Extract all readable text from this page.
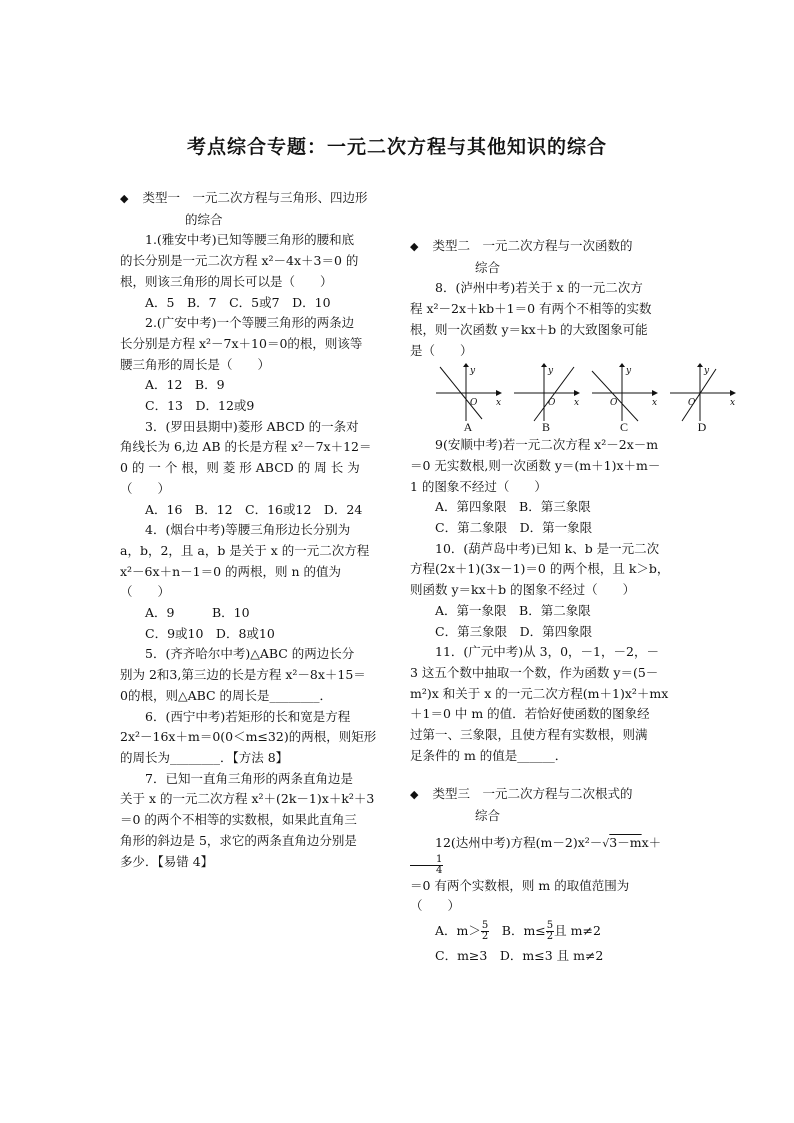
考点综合专题：一元二次方程与其他知识的综合

◆ 类型一　一元二次方程与三角形、四边形

的综合

1.(雅安中考)已知等腰三角形的腰和底

的长分别是一元二次方程 x²－4x＋3＝0 的

根，则该三角形的周长可以是（　　）

A．5　B．7　C．5或7　D．10

2.(广安中考)一个等腰三角形的两条边

长分别是方程 x²－7x＋10＝0的根，则该等

腰三角形的周长是（　　）

A．12　B．9

C．13　D．12或9

3．(罗田县期中)菱形 ABCD 的一条对

角线长为 6,边 AB 的长是方程 x²－7x＋12＝

0 的 一 个 根，则 菱 形 ABCD 的 周 长 为

（　　）

A．16　B．12　C．16或12　D．24

4．(烟台中考)等腰三角形边长分别为

a，b，2，且 a，b 是关于 x 的一元二次方程

x²－6x＋n－1＝0 的两根，则 n 的值为

（　　）

A．9　　　B．10

C．9或10　D．8或10

5．(齐齐哈尔中考)△ABC 的两边长分

别为 2和3,第三边的长是方程 x²－8x＋15＝

0的根，则△ABC 的周长是________．

6．(西宁中考)若矩形的长和宽是方程

2x²－16x＋m＝0(0＜m≤32)的两根，则矩形

的周长为________．【方法 8】

7．已知一直角三角形的两条直角边是

关于 x 的一元二次方程 x²＋(2k－1)x＋k²＋3

＝0 的两个不相等的实数根，如果此直角三

角形的斜边是 5，求它的两条直角边分别是

多少．【易错 4】

◆ 类型二　一元二次方程与一次函数的

综合

8．(泸州中考)若关于 x 的一元二次方

程 x²－2x＋kb＋1＝0 有两个不相等的实数

根，则一次函数 y＝kx＋b 的大致图象可能

是（　　）

A
y
x
O
B
y
x
O
C
y
x
O
D
y
x
O

9(安顺中考)若一元二次方程 x²－2x－m

＝0 无实数根,则一次函数 y＝(m＋1)x＋m－

1 的图象不经过（　　）

A．第四象限　B．第三象限

C．第二象限　D．第一象限

10．(葫芦岛中考)已知 k、b 是一元二次

方程(2x＋1)(3x－1)＝0 的两个根，且 k＞b，

则函数 y＝kx＋b 的图象不经过（　　）

A．第一象限　B．第二象限

C．第三象限　D．第四象限

11．(广元中考)从 3，0，－1，－2，－

3 这五个数中抽取一个数，作为函数 y＝(5－

m²)x 和关于 x 的一元二次方程(m＋1)x²＋mx

＋1＝0 中 m 的值．若恰好使函数的图象经

过第一、三象限，且使方程有实数根，则满

足条件的 m 的值是______．

◆ 类型三　一元二次方程与二次根式的

综合

12(达州中考)方程(m－2)x²－√3－mx＋
$\frac{1}{4}$

＝0 有两个实数根，则 m 的取值范围为

（　　）

A．$m> \frac{5}{2}$ 　B．$m\le \frac{5}{2}$ 且 m≠2

C．m≥3　D．m≤3 且 m≠2
